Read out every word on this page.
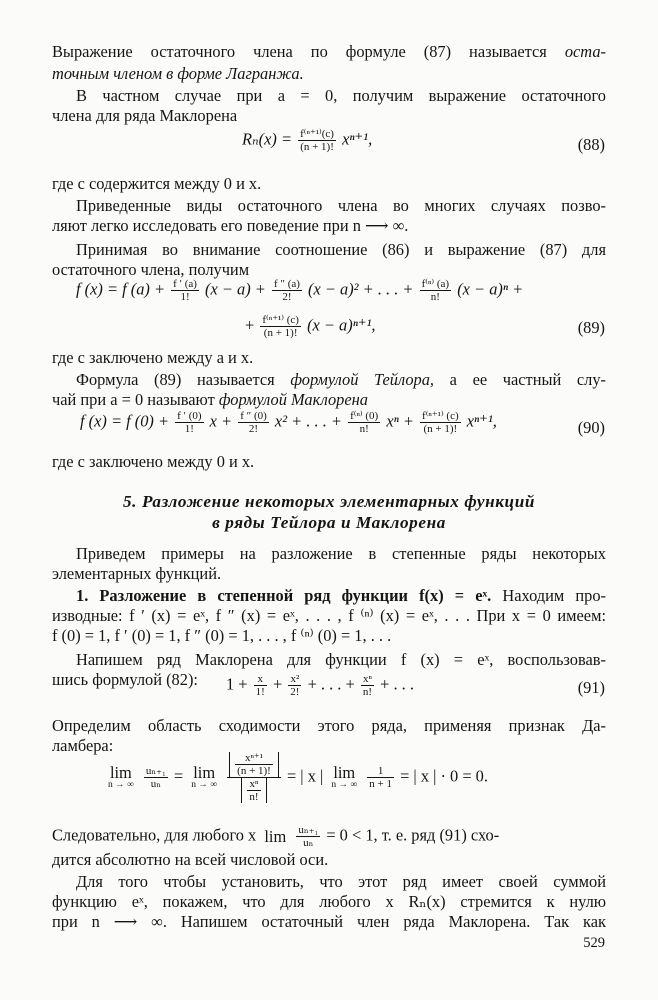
Выражение остаточного члена по формуле (87) называется оста-
точным членом в форме Лагранжа.
В частном случае при a = 0, получим выражение остаточного
члена для ряда Маклорена
$R_n(x) = \frac{\text{f⁽ⁿ⁺¹⁾(c)}}{(n + 1)!} x^{n+1}$,	(88)
где c содержится между 0 и x.
Приведенные виды остаточного члена во многих случаях позво-
ляют легко исследовать его поведение при n ⟶ ∞.
Принимая во внимание соотношение (86) и выражение (87) для
остаточного члена, получим
f (x) = f $(a) + \frac{f ' (a)}{1!} (x - a) + \frac{f '' (a)}{2!} (x - a)^2$ + . . . + $\frac{\text{f⁽ⁿ⁾ (a)}}{n!} (x - a)^n$ +
+ $\frac{\text{f⁽ⁿ⁺¹⁾ (c)}}{(n + 1)!} (x - a)^{n+1}$,	(89)
где c заключено между a и x.
Формула (89) называется формулой Тейлора, а ее частный слу-
чай при a = 0 называют формулой Маклорена
f (x) = f $(0) + \frac{f ' (0)}{1!}$ $x + \frac{f '' (0)}{2!} x^2$ + . . . + $\frac{\text{f⁽ⁿ⁾ (0)}}{n!}$ $x^n + \frac{\text{f⁽ⁿ⁺¹⁾ (c)}}{(n + 1)!} x^{n+1}$,	(90)
где c заключено между 0 и x.
5. Разложение некоторых элементарных функций
в ряды Тейлора и Маклорена
Приведем примеры на разложение в степенные ряды некоторых
элементарных функций.
1. Разложение в степенной ряд функции f(x) = eˣ. Находим про-
изводные: f ′ (x) = eˣ, f ″ (x) = eˣ, . . . , f ⁽ⁿ⁾ (x) = eˣ, . . . При x = 0 имеем:
f (0) = 1, f ′ (0) = 1, f ″ (0) = 1, . . . , f ⁽ⁿ⁾ (0) = 1, . . .
Напишем ряд Маклорена для функции f (x) = eˣ, воспользовав-
шись формулой (82):	$1 + \frac{x}{1!} + \frac{\text{x²}}{2!}$ + . . . + $\frac{\text{xⁿ}}{n!}$ + . . .	(91)
Определим область сходимости этого ряда, применяя признак Да-
ламбера:
lim
n → ∞
$\frac{\text{uₙ₊₁}}{\text{uₙ}} = \lim$
n → ∞
$\frac{\frac{\text{xⁿ⁺¹}}{(n + 1)!}}{\frac{\text{xⁿ}}{n!}}$ = | x | lim
n → ∞
$\frac{1}{n + 1}$ = | x | · 0 = 0.
Следовательно, для любого x $\lim \frac{\text{uₙ₊₁}}{\text{uₙ}} = 0 < 1$, т. е. ряд (91) схо-
дится абсолютно на всей числовой оси.
Для того чтобы установить, что этот ряд имеет своей суммой
функцию eˣ, покажем, что для любого x Rₙ(x) стремится к нулю
при n ⟶ ∞. Напишем остаточный член ряда Маклорена. Так как
529
